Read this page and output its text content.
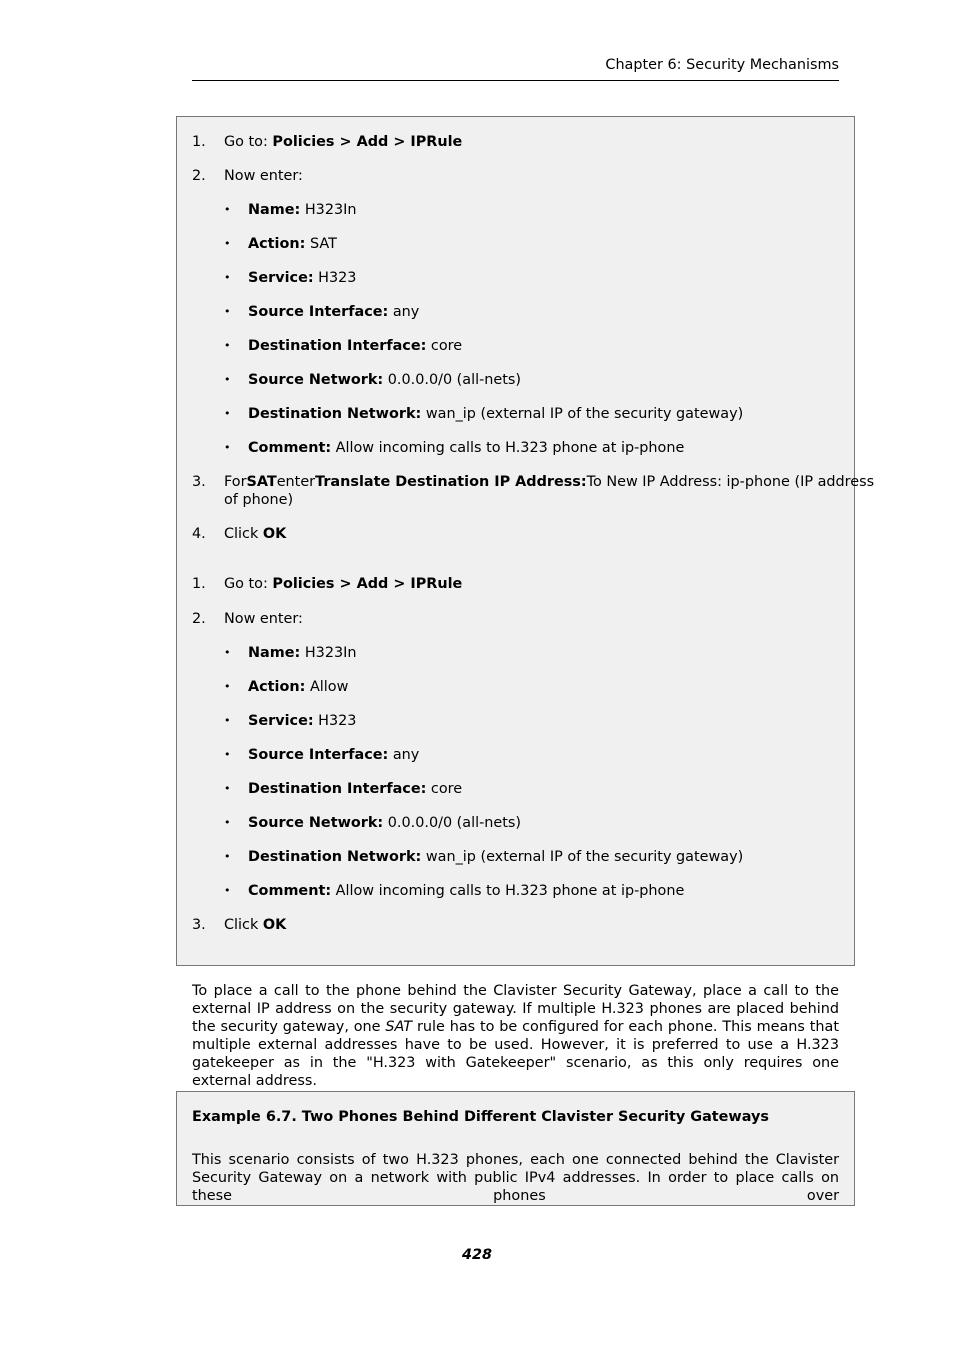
Chapter 6: Security Mechanisms
1.	Go to: Policies > Add > IPRule
2.	Now enter:
• Name: H323In
• Action: SAT
• Service: H323
• Source Interface: any
• Destination Interface: core
• Source Network: 0.0.0.0/0 (all-nets)
• Destination Network: wan_ip (external IP of the security gateway)
• Comment: Allow incoming calls to H.323 phone at ip-phone
3.	For SAT enter Translate Destination IP Address: To New IP Address: ip-phone (IP address
of phone)
4.	Click OK
1.	Go to: Policies > Add > IPRule
2.	Now enter:
• Name: H323In
• Action: Allow
• Service: H323
• Source Interface: any
• Destination Interface: core
• Source Network: 0.0.0.0/0 (all-nets)
• Destination Network: wan_ip (external IP of the security gateway)
• Comment: Allow incoming calls to H.323 phone at ip-phone
3.	Click OK
To place a call to the phone behind the Clavister Security Gateway, place a call to the external IP address on the security gateway. If multiple H.323 phones are placed behind the security gateway, one SAT rule has to be configured for each phone. This means that multiple external addresses have to be used. However, it is preferred to use a H.323 gatekeeper as in the "H.323 with Gatekeeper" scenario, as this only requires one external address.
Example 6.7. Two Phones Behind Different Clavister Security Gateways
This scenario consists of two H.323 phones, each one connected behind the Clavister Security Gateway on a network with public IPv4 addresses. In order to place calls on these phones over
428
